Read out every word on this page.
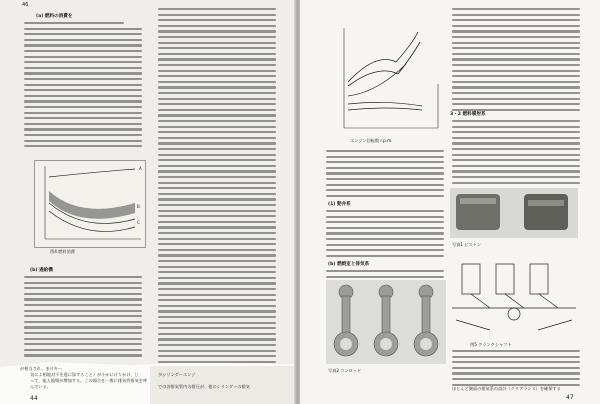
46
(a) 燃料の消費を
A
B
C
図4 燃料消費
(b) 過給機
が相当され、まけキー
気によ相地対不を達に添すること）が小かにけりかけ、じ
って、能入地場が増加する。この場合を一般に排気管排気を呼
んでいる。
多シリンダーエンジ
では各排気管内の排圧が、他のシリンダーの排気
44
エンジン回転数 r.p.m.
3・2 燃料噴射系
(1) 動弁系
(b) 燃焼室と排気系
写真1 ピストン
写真2 コンロッド
図5 クランクシャフト
ほとんど側面の排気系の設計（クリアランス）を確保する
47
